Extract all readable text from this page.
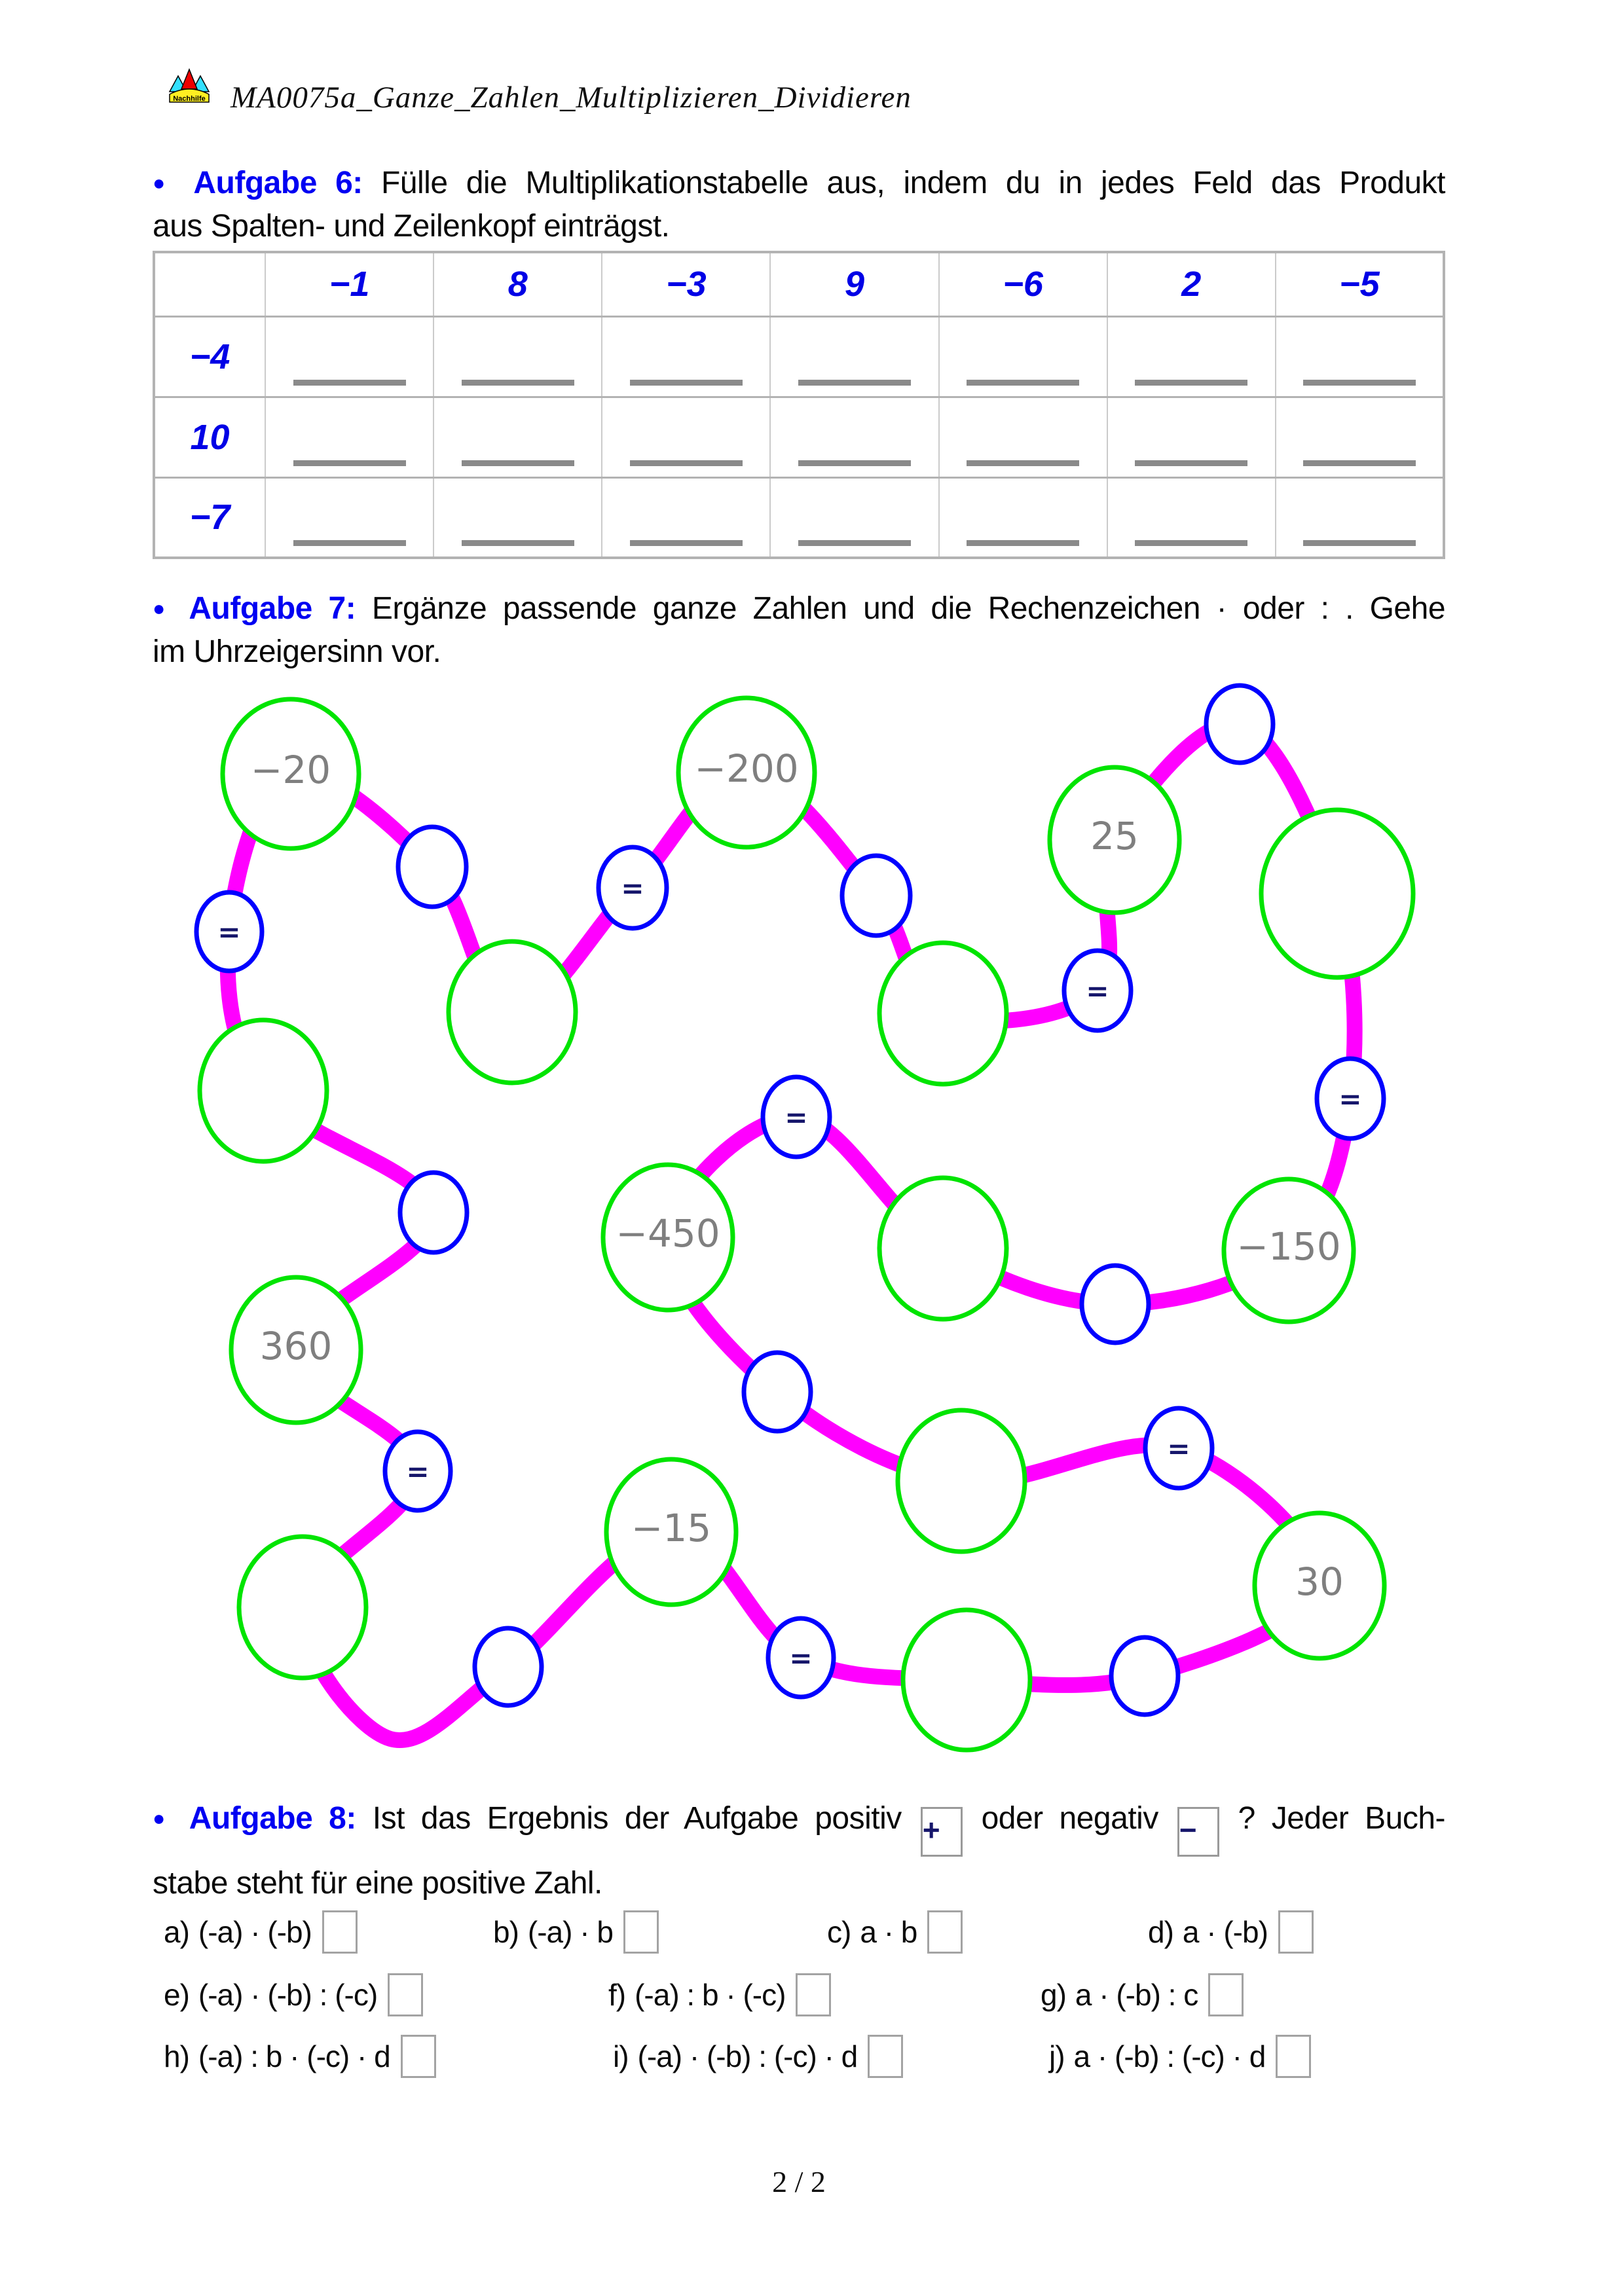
Nachhilfe MA0075a_Ganze_Zahlen_Multiplizieren_Dividieren
● Aufgabe 6: Fülle die Multiplikationstabelle aus, indem du in jedes Feld das Produkt
aus Spalten- und Zeilenkopf einträgst.
	−1	8	−3	9	−6	2	−5
−4	

10	

−7	

● Aufgabe 7: Ergänze passende ganze Zahlen und die Rechenzeichen · oder : . Gehe
im Uhrzeigersinn vor.
−20
=
−200
=
25
=
−150
=
−450
=
30
=
−15
=
360
=
● Aufgabe 8: Ist das Ergebnis der Aufgabe positiv + oder negativ − ? Jeder Buch-
stabe steht für eine positive Zahl.
a) (-a) · (-b)	b) (-a) · b	c) a · b	d) a · (-b)
e) (-a) · (-b) : (-c)	f) (-a) : b · (-c)	g) a · (-b) : c
h) (-a) : b · (-c) · d	i) (-a) · (-b) : (-c) · d	j) a · (-b) : (-c) · d
2 / 2
